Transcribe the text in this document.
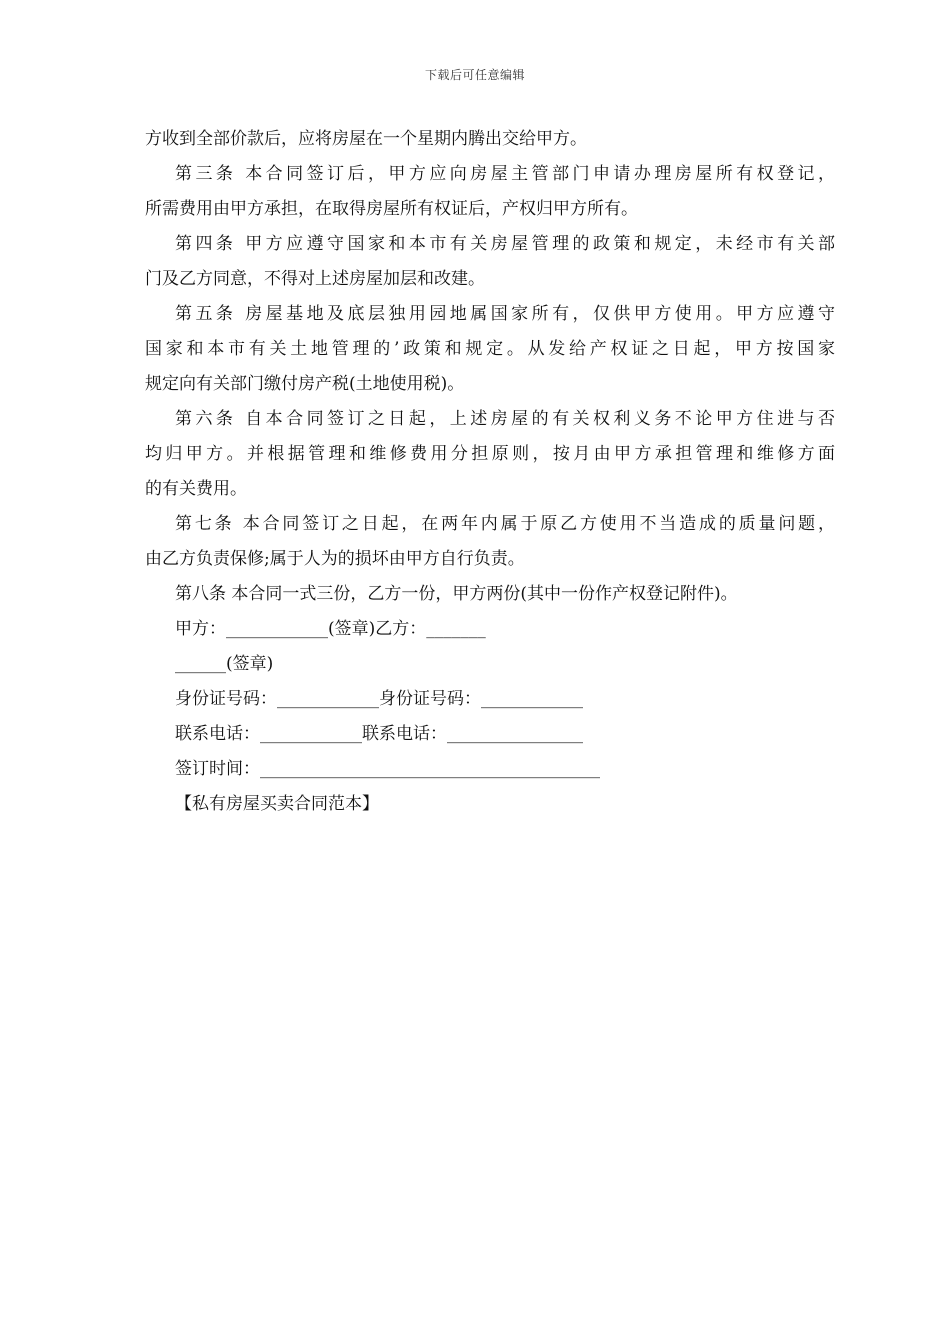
下载后可任意编辑
方收到全部价款后，应将房屋在一个星期内腾出交给甲方。
第三条 本合同签订后，甲方应向房屋主管部门申请办理房屋所有权登记，
所需费用由甲方承担，在取得房屋所有权证后，产权归甲方所有。
第四条 甲方应遵守国家和本市有关房屋管理的政策和规定，未经市有关部
门及乙方同意，不得对上述房屋加层和改建。
第五条 房屋基地及底层独用园地属国家所有，仅供甲方使用。甲方应遵守
国家和本市有关土地管理的’政策和规定。从发给产权证之日起，甲方按国家
规定向有关部门缴付房产税(土地使用税)。
第六条 自本合同签订之日起，上述房屋的有关权利义务不论甲方住进与否
均归甲方。并根据管理和维修费用分担原则，按月由甲方承担管理和维修方面
的有关费用。
第七条 本合同签订之日起，在两年内属于原乙方使用不当造成的质量问题，
由乙方负责保修;属于人为的损坏由甲方自行负责。
第八条 本合同一式三份，乙方一份，甲方两份(其中一份作产权登记附件)。
甲方：____________(签章)乙方：_______
______(签章)
身份证号码：____________身份证号码：____________
联系电话：____________联系电话：________________
签订时间：________________________________________
【私有房屋买卖合同范本】
